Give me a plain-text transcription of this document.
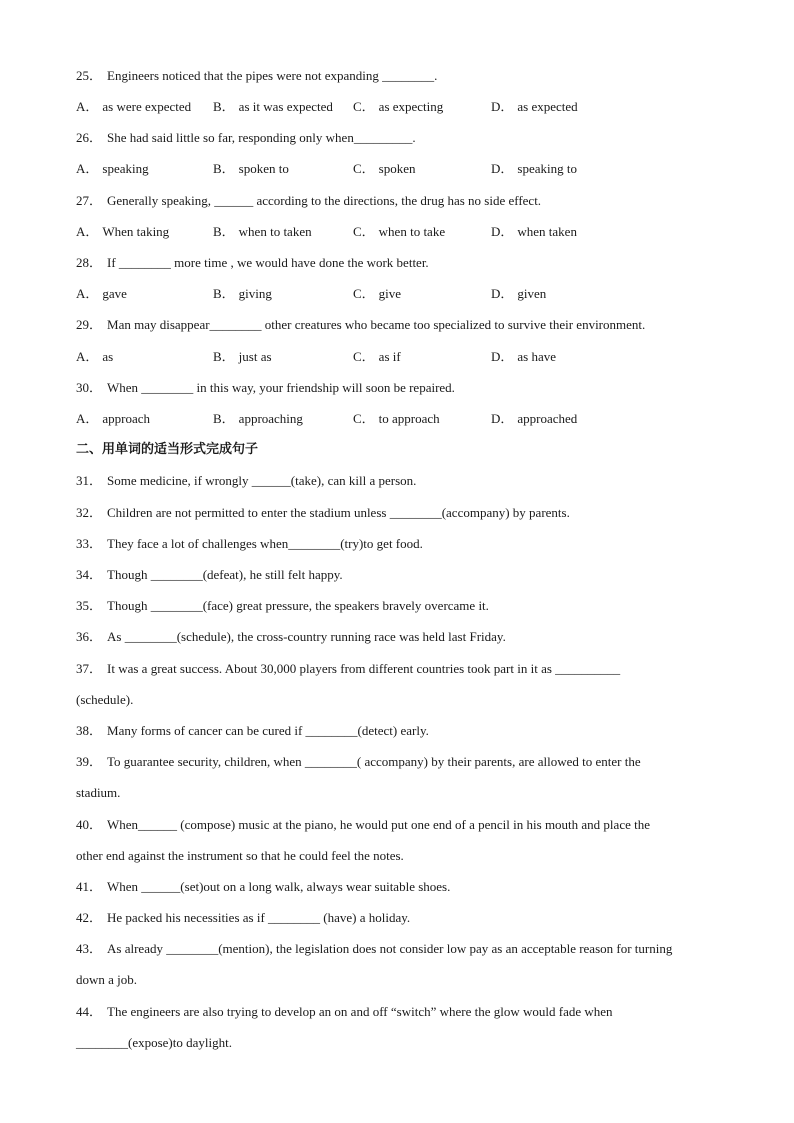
25． Engineers noticed that the pipes were not expanding ________.
A． as were expected	B． as it was expected	C． as expecting	D． as expected
26． She had said little so far, responding only when_________.
A． speaking	B． spoken to	C． spoken	D． speaking to
27． Generally speaking, ______ according to the directions, the drug has no side effect.
A． When taking	B． when to taken	C． when to take	D． when taken
28． If ________ more time , we would have done the work better.
A． gave	B． giving	C． give	D． given
29． Man may disappear________ other creatures who became too specialized to survive their environment.
A． as	B． just as	C． as if	D． as have
30． When ________ in this way, your friendship will soon be repaired.
A． approach	B． approaching	C． to approach	D． approached
二、用单词的适当形式完成句子
31． Some medicine, if wrongly ______(take), can kill a person.
32． Children are not permitted to enter the stadium unless ________(accompany) by parents.
33． They face a lot of challenges when________(try)to get food.
34． Though ________(defeat), he still felt happy.
35． Though ________(face) great pressure, the speakers bravely overcame it.
36． As ________(schedule), the cross-country running race was held last Friday.
37． It was a great success. About 30,000 players from different countries took part in it as __________
(schedule).
38． Many forms of cancer can be cured if ________(detect) early.
39． To guarantee security, children, when ________( accompany) by their parents, are allowed to enter the
stadium.
40． When______ (compose) music at the piano, he would put one end of a pencil in his mouth and place the
other end against the instrument so that he could feel the notes.
41． When ______(set)out on a long walk, always wear suitable shoes.
42． He packed his necessities as if ________ (have) a holiday.
43． As already ________(mention), the legislation does not consider low pay as an acceptable reason for turning
down a job.
44． The engineers are also trying to develop an on and off “switch” where the glow would fade when
________(expose)to daylight.
